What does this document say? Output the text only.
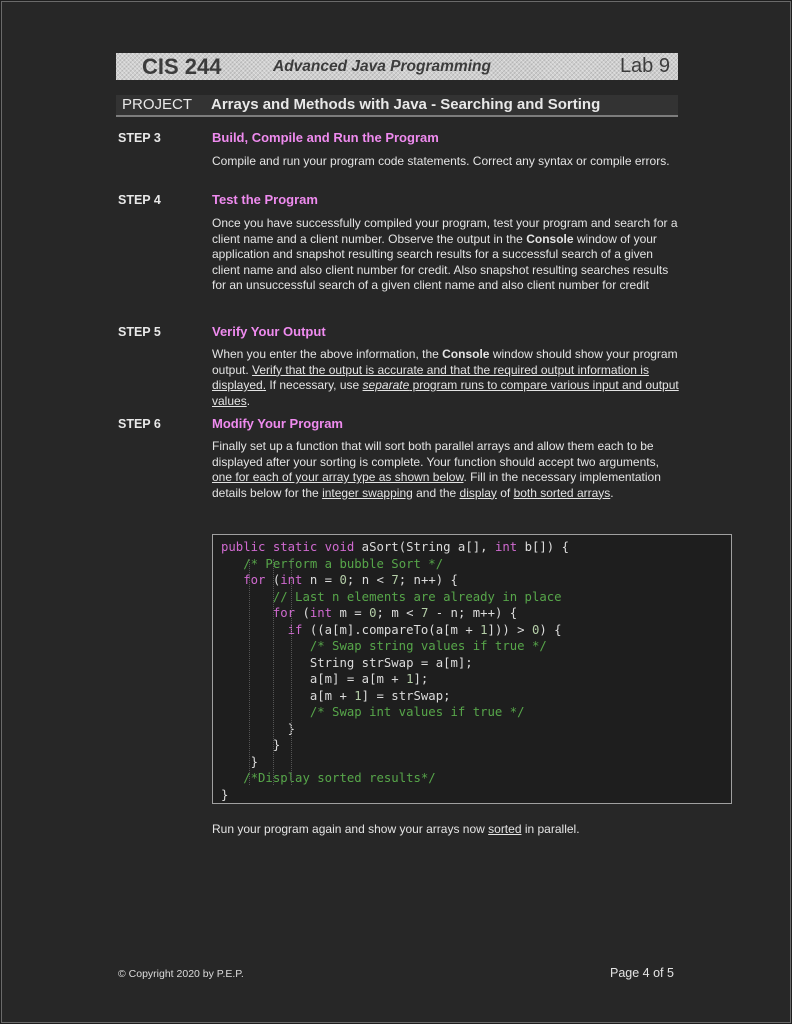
CIS 244	Advanced Java Programming	Lab 9
PROJECT Arrays and Methods with Java - Searching and Sorting
STEP 3	Build, Compile and Run the Program
Compile and run your program code statements. Correct any syntax or compile errors.
STEP 4	Test the Program
Once you have successfully compiled your program, test your program and search for a client name and a client number. Observe the output in the Console window of your application and snapshot resulting search results for a successful search of a given client name and also client number for credit. Also snapshot resulting searches results for an unsuccessful search of a given client name and also client number for credit
STEP 5	Verify Your Output
When you enter the above information, the Console window should show your program output. Verify that the output is accurate and that the required output information is displayed. If necessary, use separate program runs to compare various input and output values.
STEP 6	Modify Your Program
Finally set up a function that will sort both parallel arrays and allow them each to be displayed after your sorting is complete. Your function should accept two arguments, one for each of your array type as shown below. Fill in the necessary implementation details below for the integer swapping and the display of both sorted arrays.
public static void aSort(String a[], int b[]) {
/* Perform a bubble Sort */
for (int n = 0; n < 7; n++) {
// Last n elements are already in place
for (int m = 0; m < 7 - n; m++) {
if ((a[m].compareTo(a[m + 1])) > 0) {
/* Swap string values if true */
String strSwap = a[m];
a[m] = a[m + 1];
a[m + 1] = strSwap;
/* Swap int values if true */
}
}
}
/*Display sorted results*/
}
Run your program again and show your arrays now sorted in parallel.
© Copyright 2020 by P.E.P.	Page 4 of 5
